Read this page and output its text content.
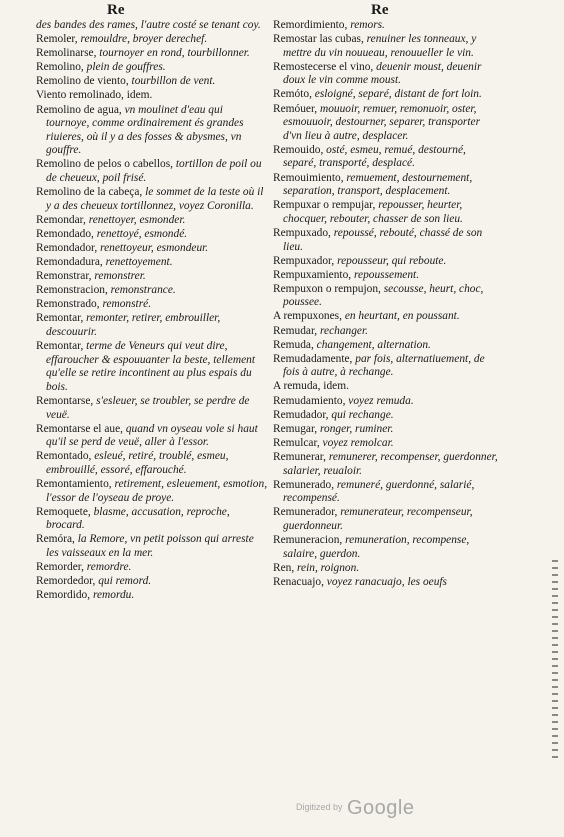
Re	Re
des bandes des rames, l'autre costé se tenant coy.
Remoler, remouldre, broyer derechef.
Remolinarse, tournoyer en rond, tourbillonner.
Remolino, plein de gouffres.
Remolino de viento, tourbillon de vent.
Viento remolinado, idem.
Remolino de agua, vn moulinet d'eau qui tournoye, comme ordinairement és grandes riuieres, où il y a des fosses & abysmes, vn gouffre.
Remolino de pelos o cabellos, tortillon de poil ou de cheueux, poil frisé.
Remolino de la cabeça, le sommet de la teste où il y a des cheueux tortillonnez, voyez Coronilla.
Remondar, renettoyer, esmonder.
Remondado, renettoyé, esmondé.
Remondador, renettoyeur, esmondeur.
Remondadura, renettoyement.
Remonstrar, remonstrer.
Remonstracion, remonstrance.
Remonstrado, remonstré.
Remontar, remonter, retirer, embrouiller, descouurir.
Remontar, terme de Veneurs qui veut dire, effaroucher & espouuanter la beste, tellement qu'elle se retire incontinent au plus espais du bois.
Remontarse, s'esleuer, se troubler, se perdre de veuë.
Remontarse el aue, quand vn oyseau vole si haut qu'il se perd de veuë, aller à l'essor.
Remontado, esleué, retiré, troublé, esmeu, embrouillé, essoré, effarouché.
Remontamiento, retirement, esleuement, esmotion, l'essor de l'oyseau de proye.
Remoquete, blasme, accusation, reproche, brocard.
Remóra, la Remore, vn petit poisson qui arreste les vaisseaux en la mer.
Remorder, remordre.
Remordedor, qui remord.
Remordido, remordu.
Remordimiento, remors.
Remostar las cubas, renuiner les tonneaux, y mettre du vin nouueau, renouueller le vin.
Remostecerse el vino, deuenir moust, deuenir doux le vin comme moust.
Remóto, esloigné, separé, distant de fort loin.
Remóuer, mouuoir, remuer, remonuoir, oster, esmouuoir, destourner, separer, transporter d'vn lieu à autre, desplacer.
Remouido, osté, esmeu, remué, destourné, separé, transporté, desplacé.
Remouimiento, remuement, destournement, separation, transport, desplacement.
Rempuxar o rempujar, repousser, heurter, chocquer, rebouter, chasser de son lieu.
Rempuxado, repoussé, rebouté, chassé de son lieu.
Rempuxador, repousseur, qui reboute.
Rempuxamiento, repoussement.
Rempuxon o rempujon, secousse, heurt, choc, poussee.
A rempuxones, en heurtant, en poussant.
Remudar, rechanger.
Remuda, changement, alternation.
Remudadamente, par fois, alternatiuement, de fois à autre, à rechange.
A remuda, idem.
Remudamiento, voyez remuda.
Remudador, qui rechange.
Remugar, ronger, ruminer.
Remulcar, voyez remolcar.
Remunerar, remunerer, recompenser, guerdonner, salarier, reualoir.
Remunerado, remuneré, guerdonné, salarié, recompensé.
Remunerador, remunerateur, recompenseur, guerdonneur.
Remuneracion, remuneration, recompense, salaire, guerdon.
Ren, rein, roignon.
Renacuajo, voyez ranacuajo, les oeufs
$^{Digitized by}$ Google
